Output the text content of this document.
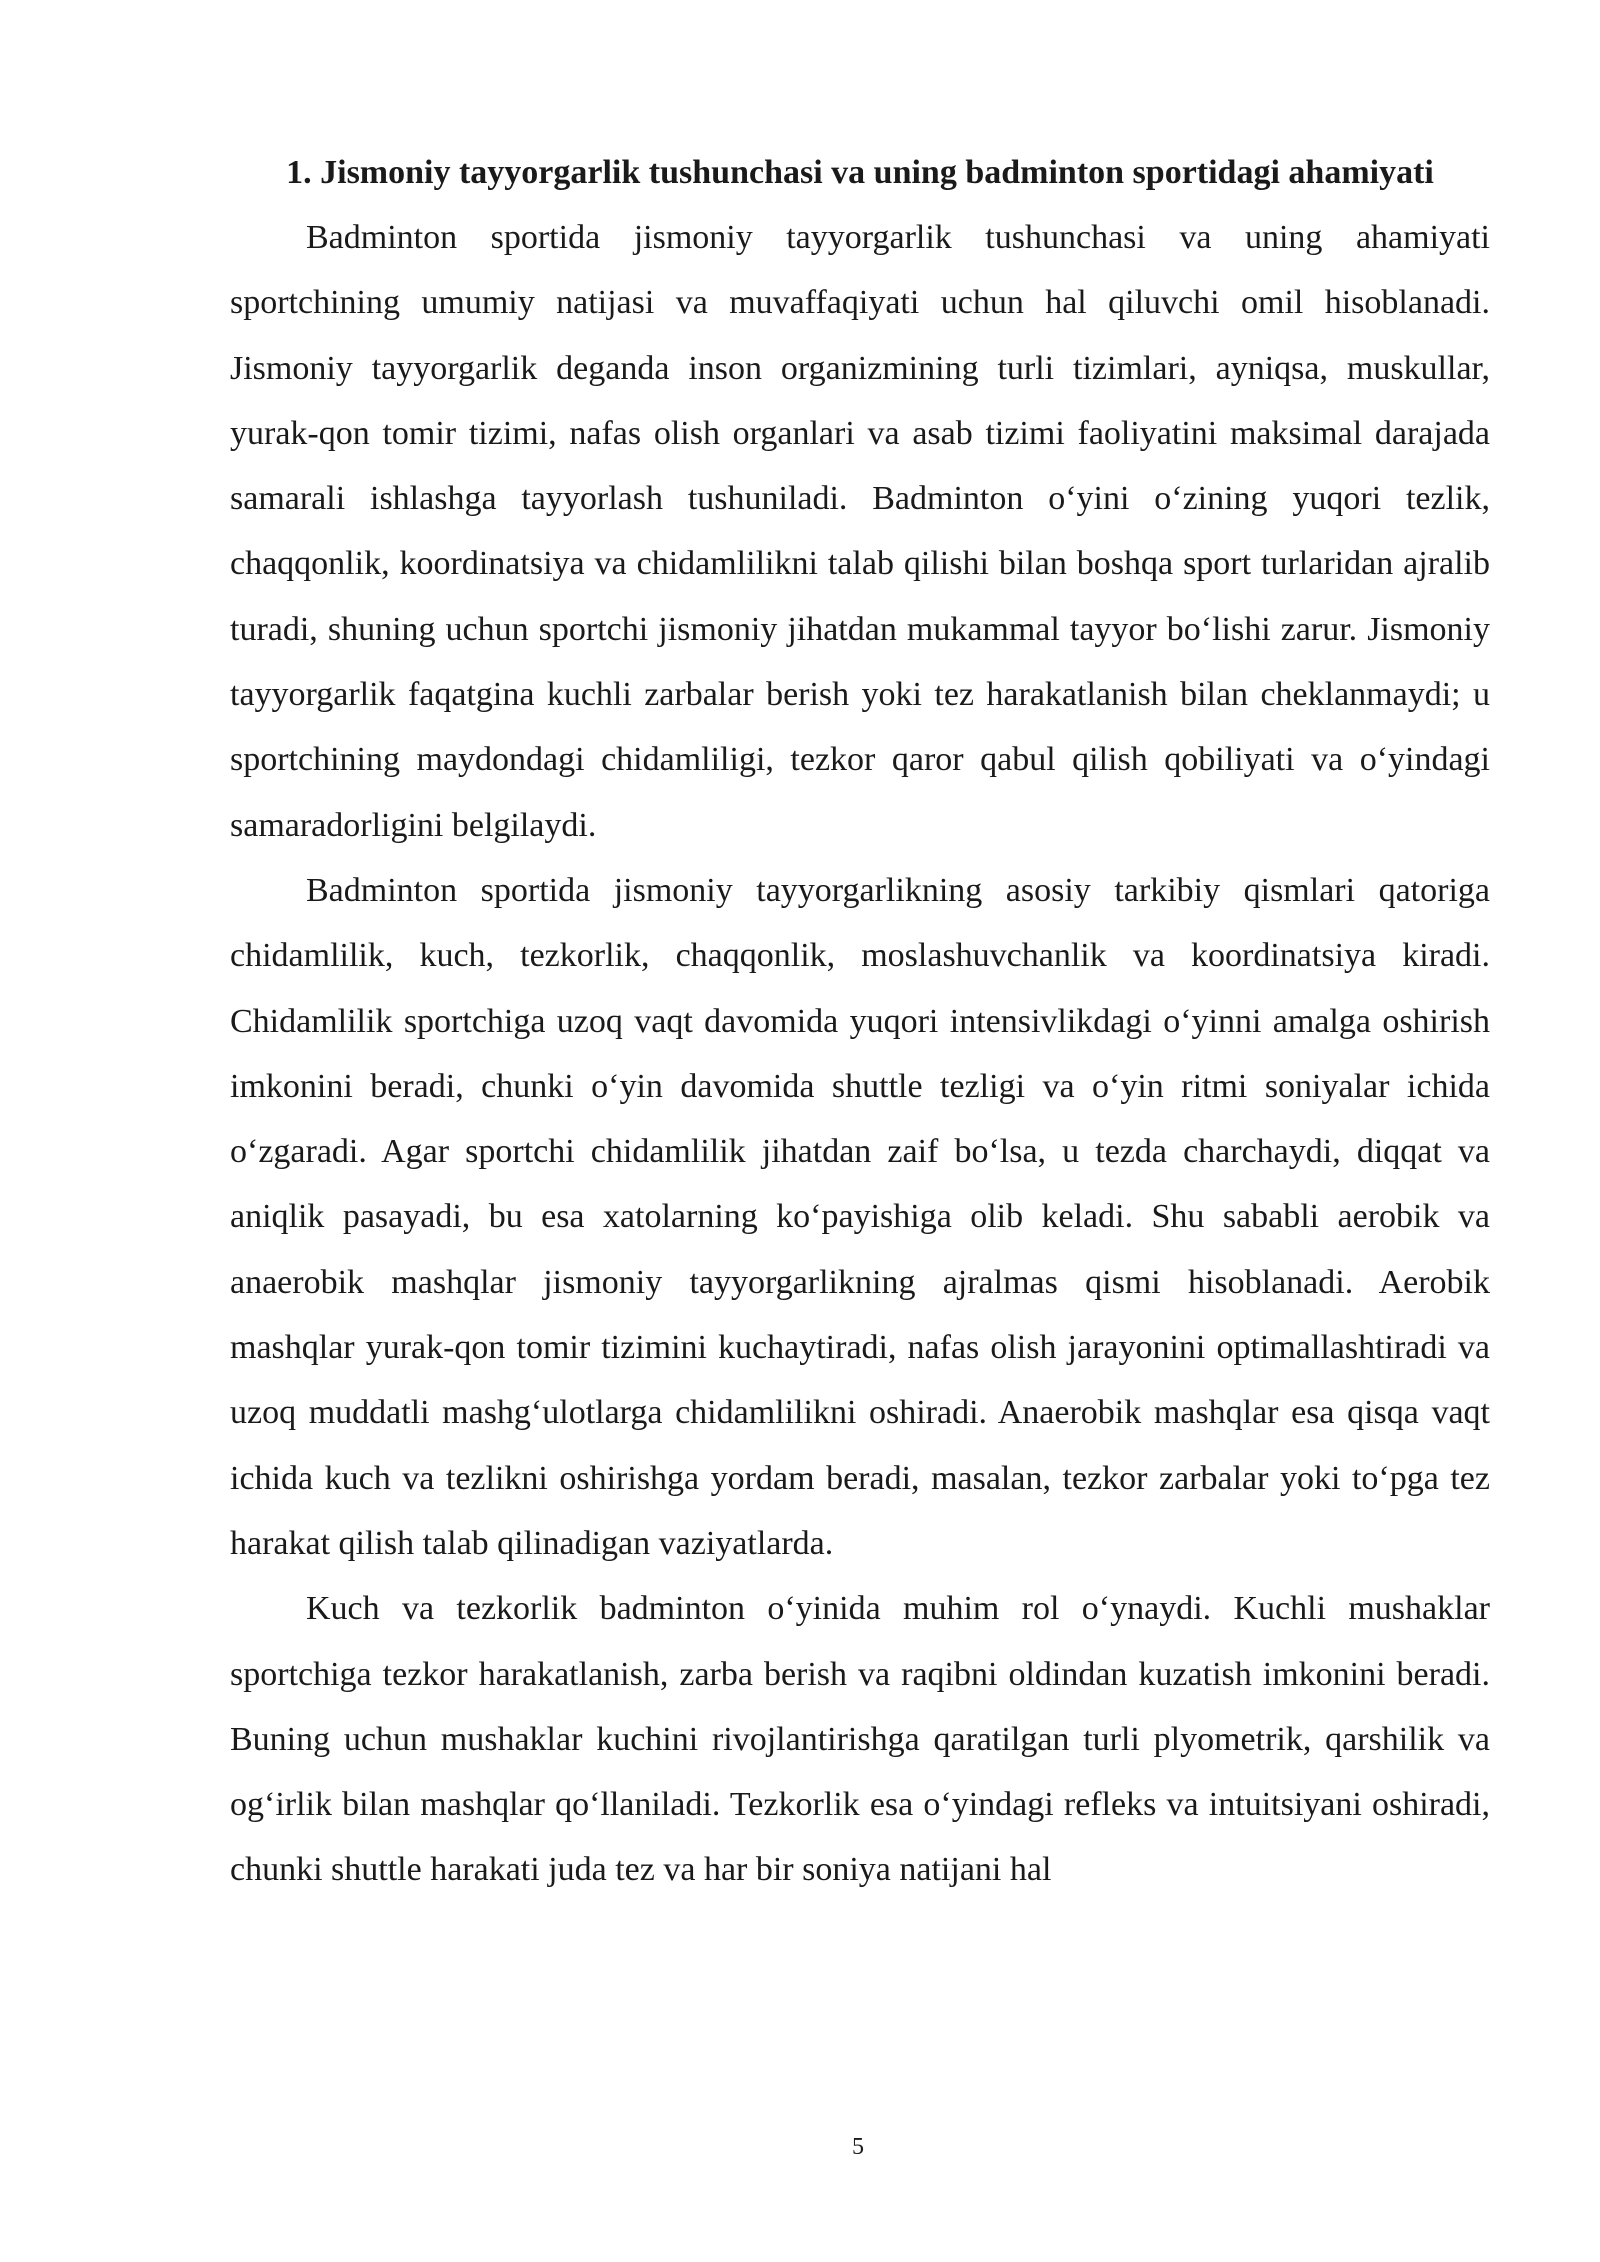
1. Jismoniy tayyorgarlik tushunchasi va uning badminton sportidagi ahamiyati

Badminton sportida jismoniy tayyorgarlik tushunchasi va uning ahamiyati sportchining umumiy natijasi va muvaffaqiyati uchun hal qiluvchi omil hisoblanadi. Jismoniy tayyorgarlik deganda inson organizmining turli tizimlari, ayniqsa, muskullar, yurak-qon tomir tizimi, nafas olish organlari va asab tizimi faoliyatini maksimal darajada samarali ishlashga tayyorlash tushuniladi. Badminton o‘yini o‘zining yuqori tezlik, chaqqonlik, koordinatsiya va chidamlilikni talab qilishi bilan boshqa sport turlaridan ajralib turadi, shuning uchun sportchi jismoniy jihatdan mukammal tayyor bo‘lishi zarur. Jismoniy tayyorgarlik faqatgina kuchli zarbalar berish yoki tez harakatlanish bilan cheklanmaydi; u sportchining maydondagi chidamliligi, tezkor qaror qabul qilish qobiliyati va o‘yindagi samaradorligini belgilaydi.

Badminton sportida jismoniy tayyorgarlikning asosiy tarkibiy qismlari qatoriga chidamlilik, kuch, tezkorlik, chaqqonlik, moslashuvchanlik va koordinatsiya kiradi. Chidamlilik sportchiga uzoq vaqt davomida yuqori intensivlikdagi o‘yinni amalga oshirish imkonini beradi, chunki o‘yin davomida shuttle tezligi va o‘yin ritmi soniyalar ichida o‘zgaradi. Agar sportchi chidamlilik jihatdan zaif bo‘lsa, u tezda charchaydi, diqqat va aniqlik pasayadi, bu esa xatolarning ko‘payishiga olib keladi. Shu sababli aerobik va anaerobik mashqlar jismoniy tayyorgarlikning ajralmas qismi hisoblanadi. Aerobik mashqlar yurak-qon tomir tizimini kuchaytiradi, nafas olish jarayonini optimallashtiradi va uzoq muddatli mashg‘ulotlarga chidamlilikni oshiradi. Anaerobik mashqlar esa qisqa vaqt ichida kuch va tezlikni oshirishga yordam beradi, masalan, tezkor zarbalar yoki to‘pga tez harakat qilish talab qilinadigan vaziyatlarda.

Kuch va tezkorlik badminton o‘yinida muhim rol o‘ynaydi. Kuchli mushaklar sportchiga tezkor harakatlanish, zarba berish va raqibni oldindan kuzatish imkonini beradi. Buning uchun mushaklar kuchini rivojlantirishga qaratilgan turli plyometrik, qarshilik va og‘irlik bilan mashqlar qo‘llaniladi. Tezkorlik esa o‘yindagi refleks va intuitsiyani oshiradi, chunki shuttle harakati juda tez va har bir soniya natijani hal

5
